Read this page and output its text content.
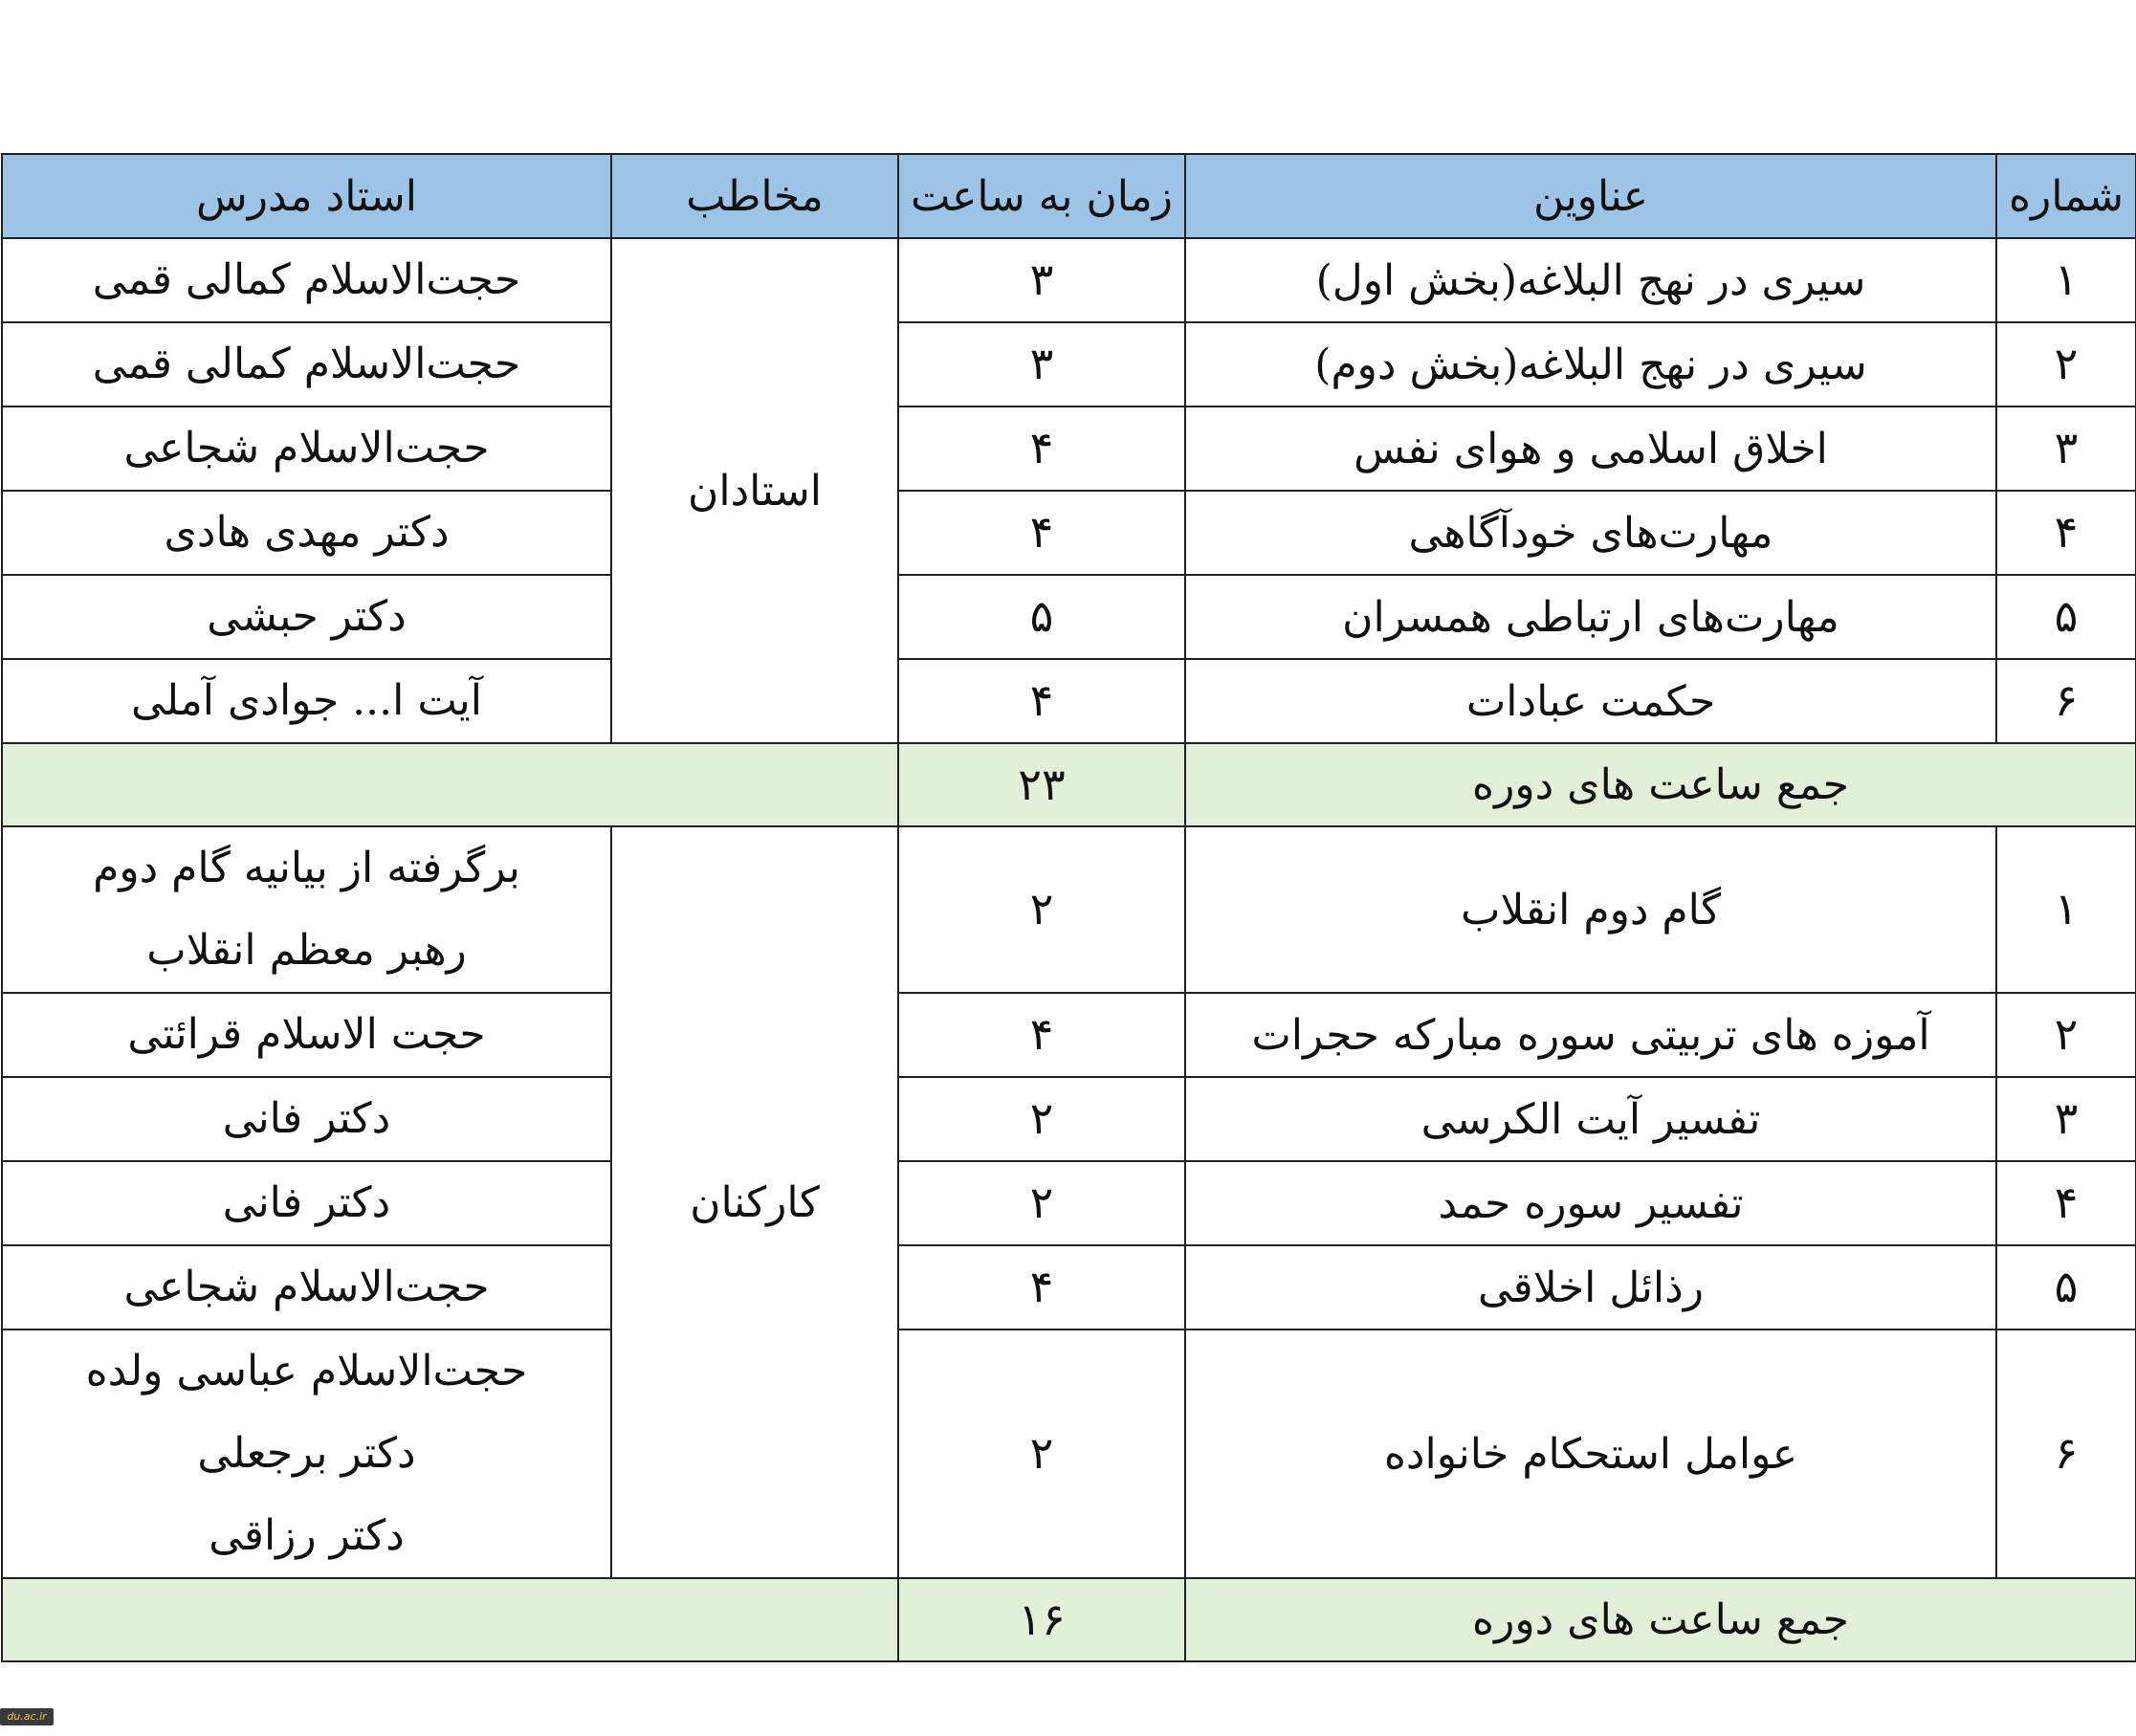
شماره	عناوین	زمان به ساعت	مخاطب	استاد مدرس
۱	سیری در نهج البلاغه(بخش اول)	۳	استادان	حجت‌الاسلام کمالی قمی

۲	سیری در نهج البلاغه(بخش دوم)	۳		حجت‌الاسلام کمالی قمی

۳	اخلاق اسلامی و هوای نفس	۴		حجت‌الاسلام شجاعی

۴	مهارت‌های خودآگاهی	۴		دکتر مهدی هادی

۵	مهارت‌های ارتباطی همسران	۵		دکتر حبشی

۶	حکمت عبادات	۴		آیت ا... جوادی آملی

جمع ساعت های دوره		۲۳		
۱	گام دوم انقلاب	۲	کارکنان	برگرفته از بیانیه گام دوم
رهبر معظم انقلاب

۲	آموزه های تربیتی سوره مبارکه حجرات	۴		حجت الاسلام قرائتی

۳	تفسیر آیت الکرسی	۲		دکتر فانی

۴	تفسیر سوره حمد	۲		دکتر فانی

۵	رذائل اخلاقی	۴		حجت‌الاسلام شجاعی

۶	عوامل استحکام خانواده	۲		حجت‌الاسلام عباسی ولده
دکتر برجعلی
دکتر رزاقی

جمع ساعت های دوره		۱۶		
du.ac.ir
